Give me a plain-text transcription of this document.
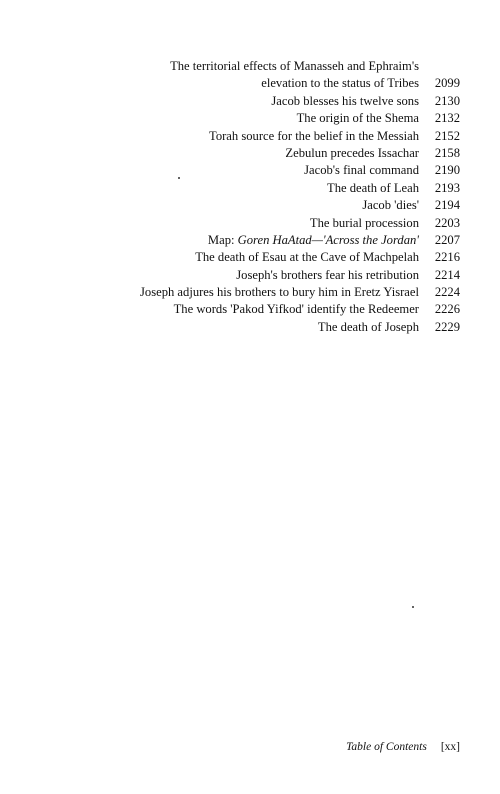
The territorial effects of Manasseh and Ephraim's
elevation to the status of Tribes	2099
Jacob blesses his twelve sons	2130
The origin of the Shema	2132
Torah source for the belief in the Messiah	2152
Zebulun precedes Issachar	2158
Jacob's final command	2190
The death of Leah	2193
Jacob 'dies'	2194
The burial procession	2203
Map: Goren HaAtad—'Across the Jordan'	2207
The death of Esau at the Cave of Machpelah	2216
Joseph's brothers fear his retribution	2214
Joseph adjures his brothers to bury him in Eretz Yisrael	2224
The words 'Pakod Yifkod' identify the Redeemer	2226
The death of Joseph	2229
Table of Contents [xx]
